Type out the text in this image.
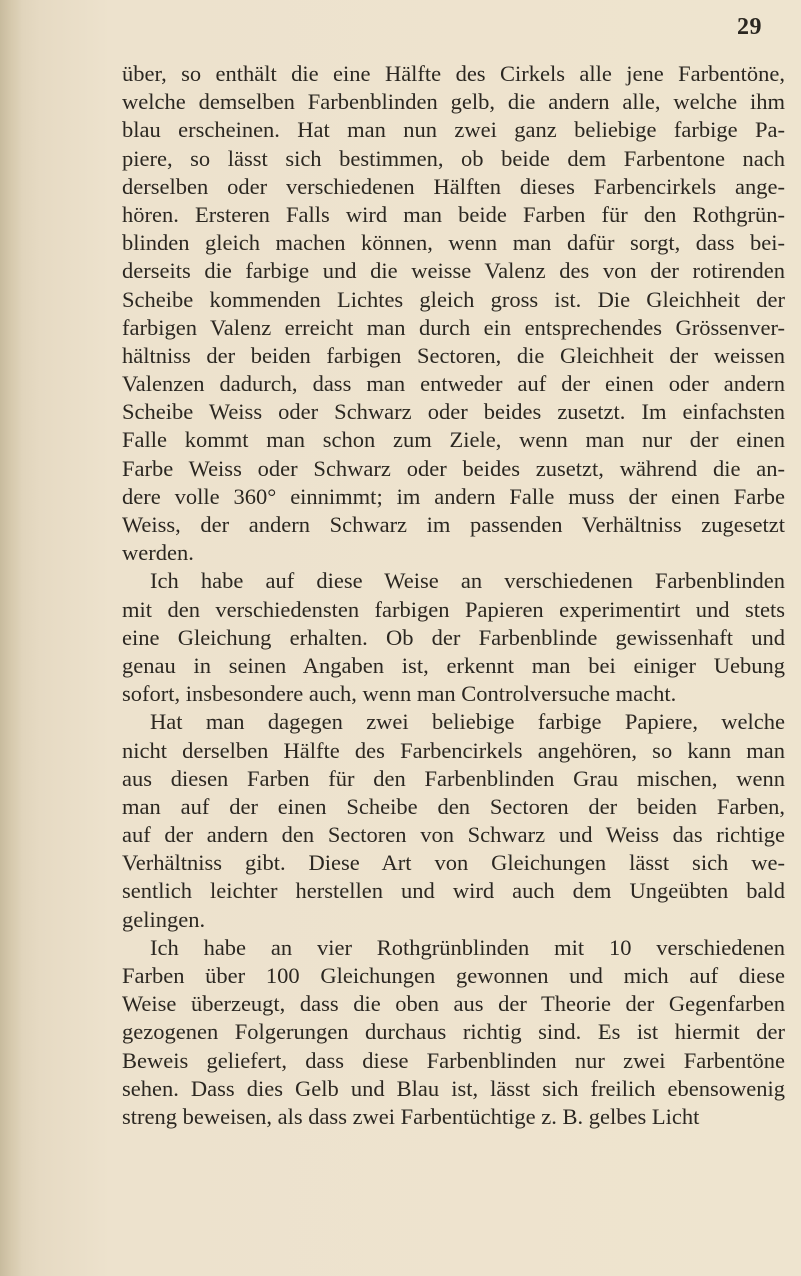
29
über, so enthält die eine Hälfte des Cirkels alle jene Farbentöne,
welche demselben Farbenblinden gelb, die andern alle, welche ihm
blau erscheinen. Hat man nun zwei ganz beliebige farbige Pa-
piere, so lässt sich bestimmen, ob beide dem Farbentone nach
derselben oder verschiedenen Hälften dieses Farbencirkels ange-
hören. Ersteren Falls wird man beide Farben für den Rothgrün-
blinden gleich machen können, wenn man dafür sorgt, dass bei-
derseits die farbige und die weisse Valenz des von der rotirenden
Scheibe kommenden Lichtes gleich gross ist. Die Gleichheit der
farbigen Valenz erreicht man durch ein entsprechendes Grössenver-
hältniss der beiden farbigen Sectoren, die Gleichheit der weissen
Valenzen dadurch, dass man entweder auf der einen oder andern
Scheibe Weiss oder Schwarz oder beides zusetzt. Im einfachsten
Falle kommt man schon zum Ziele, wenn man nur der einen
Farbe Weiss oder Schwarz oder beides zusetzt, während die an-
dere volle 360° einnimmt; im andern Falle muss der einen Farbe
Weiss, der andern Schwarz im passenden Verhältniss zugesetzt
werden.
Ich habe auf diese Weise an verschiedenen Farbenblinden
mit den verschiedensten farbigen Papieren experimentirt und stets
eine Gleichung erhalten. Ob der Farbenblinde gewissenhaft und
genau in seinen Angaben ist, erkennt man bei einiger Uebung
sofort, insbesondere auch, wenn man Controlversuche macht.
Hat man dagegen zwei beliebige farbige Papiere, welche
nicht derselben Hälfte des Farbencirkels angehören, so kann man
aus diesen Farben für den Farbenblinden Grau mischen, wenn
man auf der einen Scheibe den Sectoren der beiden Farben,
auf der andern den Sectoren von Schwarz und Weiss das richtige
Verhältniss gibt. Diese Art von Gleichungen lässt sich we-
sentlich leichter herstellen und wird auch dem Ungeübten bald
gelingen.
Ich habe an vier Rothgrünblinden mit 10 verschiedenen
Farben über 100 Gleichungen gewonnen und mich auf diese
Weise überzeugt, dass die oben aus der Theorie der Gegenfarben
gezogenen Folgerungen durchaus richtig sind. Es ist hiermit der
Beweis geliefert, dass diese Farbenblinden nur zwei Farbentöne
sehen. Dass dies Gelb und Blau ist, lässt sich freilich ebensowenig
streng beweisen, als dass zwei Farbentüchtige z. B. gelbes Licht
